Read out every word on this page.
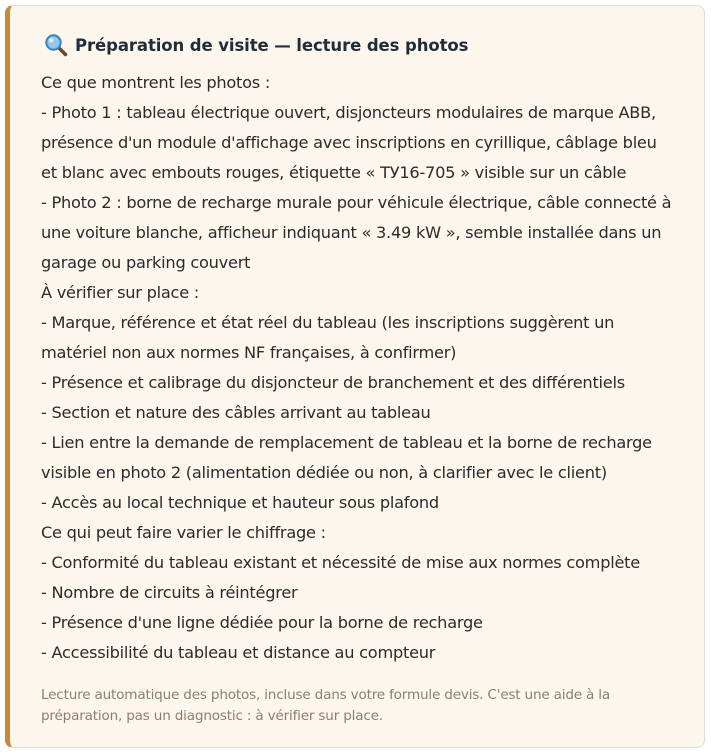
Préparation de visite — lecture des photos
Ce que montrent les photos :
- Photo 1 : tableau électrique ouvert, disjoncteurs modulaires de marque ABB,
présence d'un module d'affichage avec inscriptions en cyrillique, câblage bleu
et blanc avec embouts rouges, étiquette « ТУ16-705 » visible sur un câble
- Photo 2 : borne de recharge murale pour véhicule électrique, câble connecté à
une voiture blanche, afficheur indiquant « 3.49 kW », semble installée dans un
garage ou parking couvert
À vérifier sur place :
- Marque, référence et état réel du tableau (les inscriptions suggèrent un
matériel non aux normes NF françaises, à confirmer)
- Présence et calibrage du disjoncteur de branchement et des différentiels
- Section et nature des câbles arrivant au tableau
- Lien entre la demande de remplacement de tableau et la borne de recharge
visible en photo 2 (alimentation dédiée ou non, à clarifier avec le client)
- Accès au local technique et hauteur sous plafond
Ce qui peut faire varier le chiffrage :
- Conformité du tableau existant et nécessité de mise aux normes complète
- Nombre de circuits à réintégrer
- Présence d'une ligne dédiée pour la borne de recharge
- Accessibilité du tableau et distance au compteur
Lecture automatique des photos, incluse dans votre formule devis. C'est une aide à la
préparation, pas un diagnostic : à vérifier sur place.
